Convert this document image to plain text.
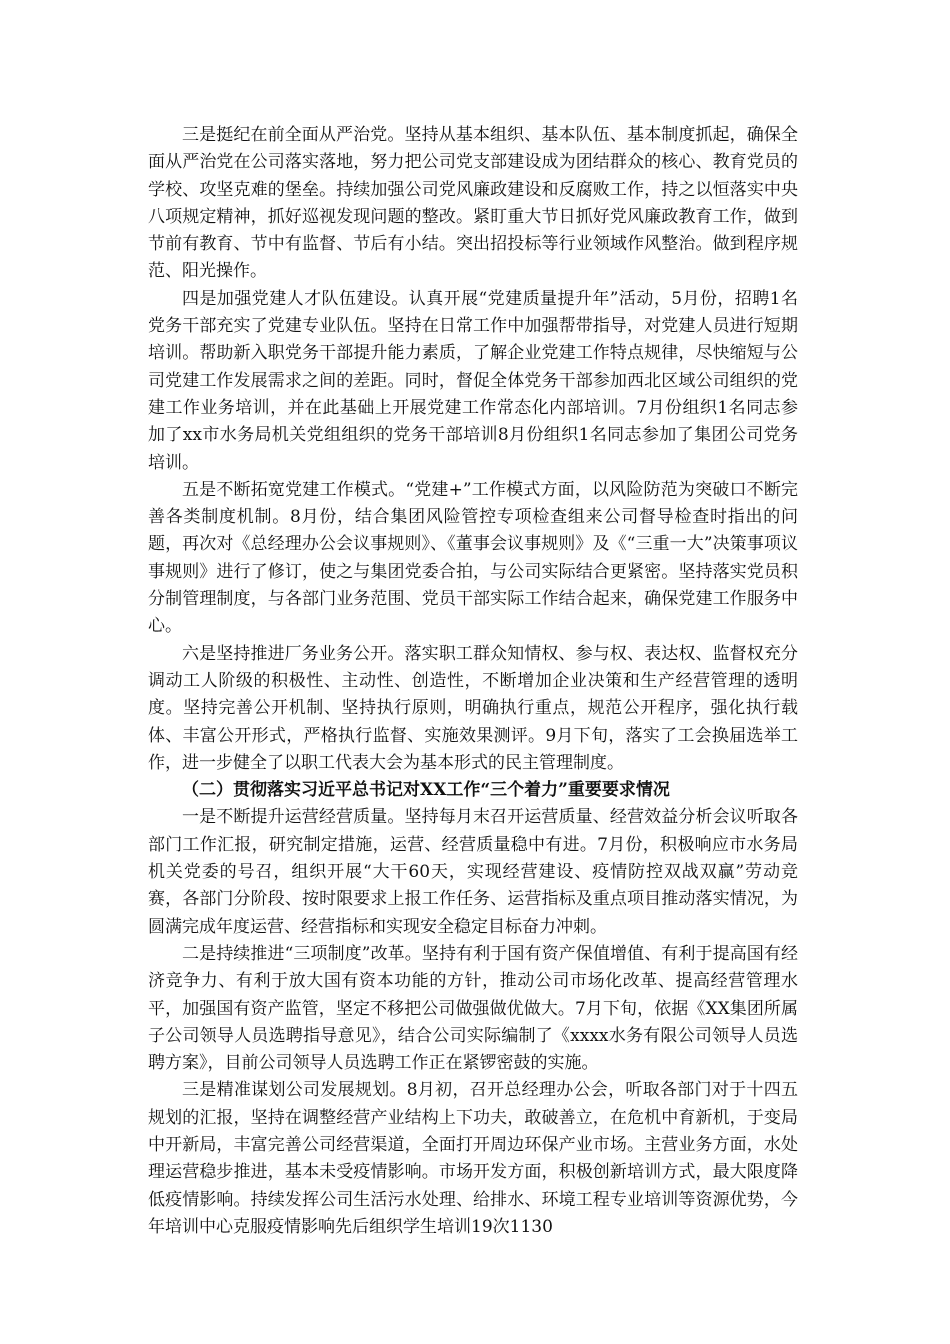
三是挺纪在前全面从严治党。坚持从基本组织、基本队伍、基本制度抓起，确保全面从严治党在公司落实落地，努力把公司党支部建设成为团结群众的核心、教育党员的学校、攻坚克难的堡垒。持续加强公司党风廉政建设和反腐败工作，持之以恒落实中央八项规定精神，抓好巡视发现问题的整改。紧盯重大节日抓好党风廉政教育工作，做到节前有教育、节中有监督、节后有小结。突出招投标等行业领域作风整治。做到程序规范、阳光操作。

四是加强党建人才队伍建设。认真开展“党建质量提升年”活动，5月份，招聘1名党务干部充实了党建专业队伍。坚持在日常工作中加强帮带指导，对党建人员进行短期培训。帮助新入职党务干部提升能力素质，了解企业党建工作特点规律，尽快缩短与公司党建工作发展需求之间的差距。同时，督促全体党务干部参加西北区域公司组织的党建工作业务培训，并在此基础上开展党建工作常态化内部培训。7月份组织1名同志参加了xx市水务局机关党组组织的党务干部培训8月份组织1名同志参加了集团公司党务培训。

五是不断拓宽党建工作模式。“党建+”工作模式方面，以风险防范为突破口不断完善各类制度机制。8月份，结合集团风险管控专项检查组来公司督导检查时指出的问题，再次对《总经理办公会议事规则》、《董事会议事规则》及《“三重一大”决策事项议事规则》进行了修订，使之与集团党委合拍，与公司实际结合更紧密。坚持落实党员积分制管理制度，与各部门业务范围、党员干部实际工作结合起来，确保党建工作服务中心。

六是坚持推进厂务业务公开。落实职工群众知情权、参与权、表达权、监督权充分调动工人阶级的积极性、主动性、创造性，不断增加企业决策和生产经营管理的透明度。坚持完善公开机制、坚持执行原则，明确执行重点，规范公开程序，强化执行载体、丰富公开形式，严格执行监督、实施效果测评。9月下旬，落实了工会换届选举工作，进一步健全了以职工代表大会为基本形式的民主管理制度。

（二）贯彻落实习近平总书记对XX工作“三个着力”重要要求情况

一是不断提升运营经营质量。坚持每月末召开运营质量、经营效益分析会议听取各部门工作汇报，研究制定措施，运营、经营质量稳中有进。7月份，积极响应市水务局机关党委的号召，组织开展“大干60天，实现经营建设、疫情防控双战双赢”劳动竞赛，各部门分阶段、按时限要求上报工作任务、运营指标及重点项目推动落实情况，为圆满完成年度运营、经营指标和实现安全稳定目标奋力冲刺。

二是持续推进“三项制度”改革。坚持有利于国有资产保值增值、有利于提高国有经济竞争力、有利于放大国有资本功能的方针，推动公司市场化改革、提高经营管理水平，加强国有资产监管，坚定不移把公司做强做优做大。7月下旬，依据《XX集团所属子公司领导人员选聘指导意见》，结合公司实际编制了《xxxx水务有限公司领导人员选聘方案》，目前公司领导人员选聘工作正在紧锣密鼓的实施。

三是精准谋划公司发展规划。8月初，召开总经理办公会，听取各部门对于十四五规划的汇报，坚持在调整经营产业结构上下功夫，敢破善立，在危机中育新机，于变局中开新局，丰富完善公司经营渠道，全面打开周边环保产业市场。主营业务方面，水处理运营稳步推进，基本未受疫情影响。市场开发方面，积极创新培训方式，最大限度降低疫情影响。持续发挥公司生活污水处理、给排水、环境工程专业培训等资源优势，今年培训中心克服疫情影响先后组织学生培训19次1130
